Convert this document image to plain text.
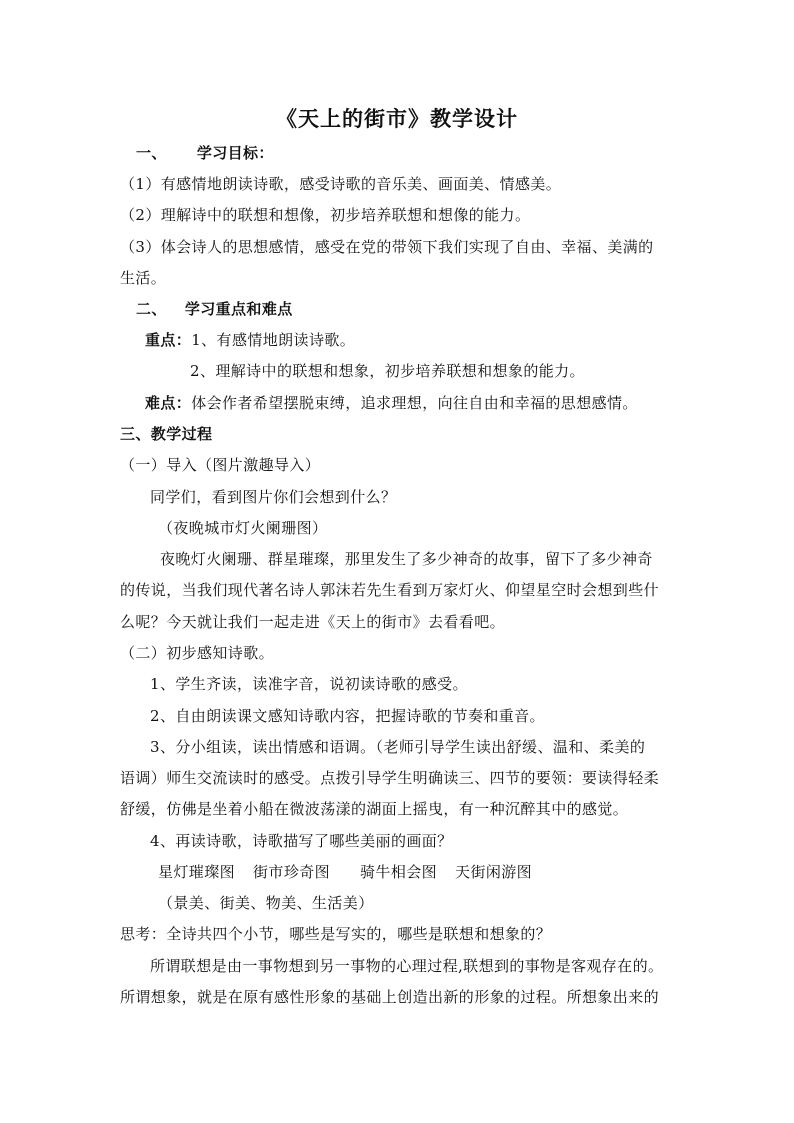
《天上的街市》教学设计
一、 学习目标：
（1）有感情地朗读诗歌，感受诗歌的音乐美、画面美、情感美。
（2）理解诗中的联想和想像，初步培养联想和想像的能力。
（3）体会诗人的思想感情，感受在党的带领下我们实现了自由、幸福、美满的
生活。
二、 学习重点和难点
重点：1、有感情地朗读诗歌。
2、理解诗中的联想和想象，初步培养联想和想象的能力。
难点：体会作者希望摆脱束缚，追求理想，向往自由和幸福的思想感情。
三、教学过程
（一）导入（图片激趣导入）
同学们，看到图片你们会想到什么？
（夜晚城市灯火阑珊图）
夜晚灯火阑珊、群星璀璨，那里发生了多少神奇的故事，留下了多少神奇
的传说，当我们现代著名诗人郭沫若先生看到万家灯火、仰望星空时会想到些什
么呢？今天就让我们一起走进《天上的街市》去看看吧。
（二）初步感知诗歌。
1、学生齐读，读准字音，说初读诗歌的感受。
2、自由朗读课文感知诗歌内容，把握诗歌的节奏和重音。
3、分小组读，读出情感和语调。（老师引导学生读出舒缓、温和、柔美的
语调）师生交流读时的感受。点拨引导学生明确读三、四节的要领：要读得轻柔
舒缓，仿佛是坐着小船在微波荡漾的湖面上摇曳，有一种沉醉其中的感觉。
4、再读诗歌，诗歌描写了哪些美丽的画面？
星灯璀璨图 街市珍奇图 骑牛相会图 天街闲游图
（景美、街美、物美、生活美）
思考：全诗共四个小节，哪些是写实的，哪些是联想和想象的？
所谓联想是由一事物想到另一事物的心理过程,联想到的事物是客观存在的。
所谓想象，就是在原有感性形象的基础上创造出新的形象的过程。所想象出来的
